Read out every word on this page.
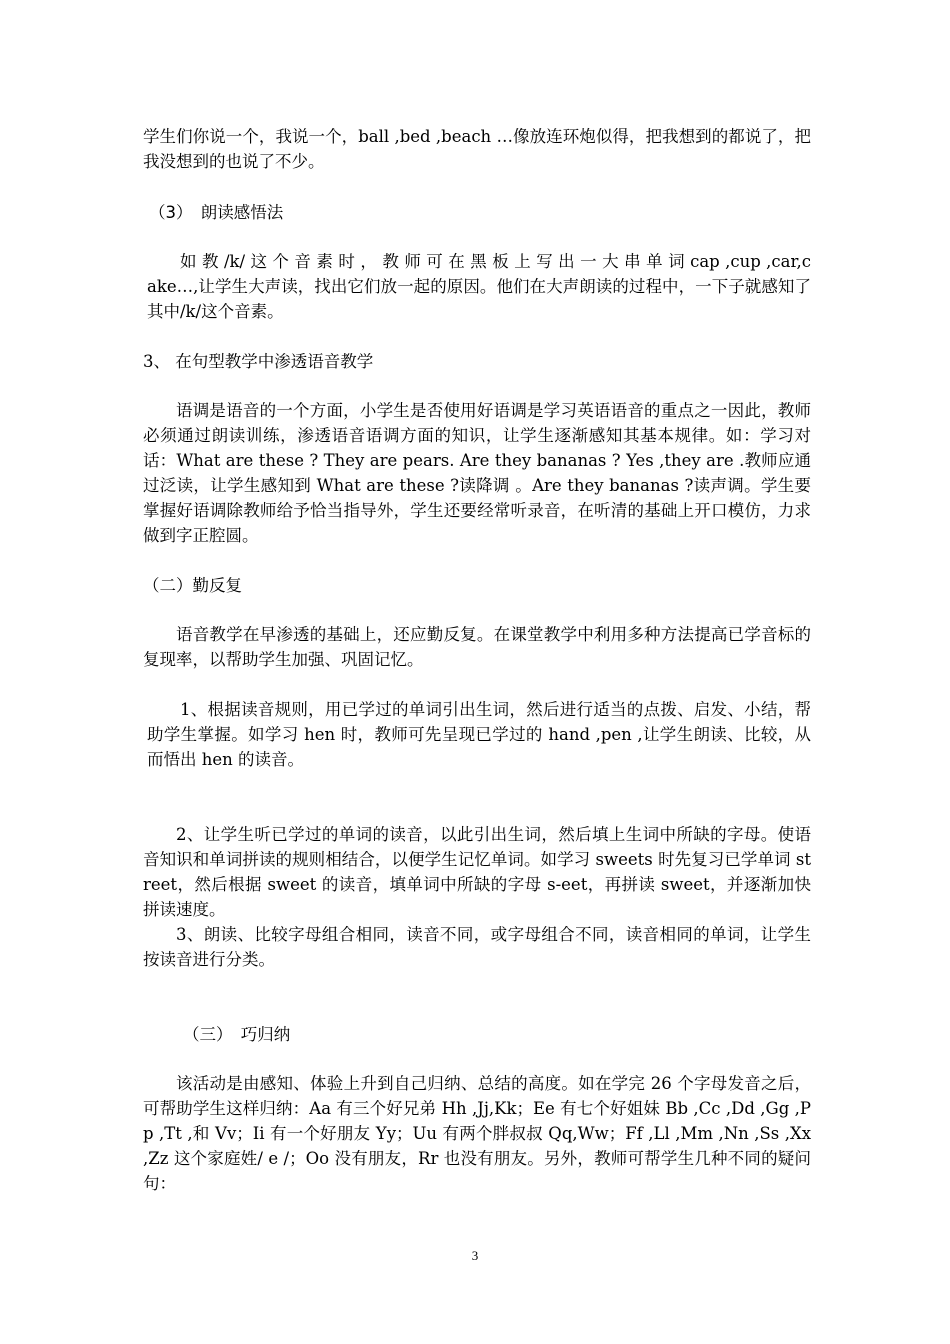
学生们你说一个，我说一个，ball ,bed ,beach …像放连环炮似得，把我想到的都说了，把我没想到的也说了不少。

（3）　朗读感悟法

如 教 /k/ 这 个 音 素 时 ， 教 师 可 在 黑 板 上 写 出 一 大 串 单 词 cap ,cup ,car,cake…,让学生大声读，找出它们放一起的原因。他们在大声朗读的过程中，一下子就感知了其中/k/这个音素。

3、 在句型教学中渗透语音教学

语调是语音的一个方面，小学生是否使用好语调是学习英语语音的重点之一因此，教师必须通过朗读训练，渗透语音语调方面的知识，让学生逐渐感知其基本规律。如：学习对话：What are these ? They are pears. Are they bananas ? Yes ,they are .教师应通过泛读，让学生感知到 What are these ?读降调 。Are they bananas ?读声调。学生要掌握好语调除教师给予恰当指导外，学生还要经常听录音，在听清的基础上开口模仿，力求做到字正腔圆。

（二）勤反复

语音教学在早渗透的基础上，还应勤反复。在课堂教学中利用多种方法提高已学音标的复现率，以帮助学生加强、巩固记忆。

1、根据读音规则，用已学过的单词引出生词，然后进行适当的点拨、启发、小结，帮助学生掌握。如学习 hen 时，教师可先呈现已学过的 hand ,pen ,让学生朗读、比较，从而悟出 hen 的读音。

2、让学生听已学过的单词的读音，以此引出生词，然后填上生词中所缺的字母。使语音知识和单词拼读的规则相结合，以便学生记忆单词。如学习 sweets 时先复习已学单词 street，然后根据 sweet 的读音，填单词中所缺的字母 s-eet，再拼读 sweet，并逐渐加快拼读速度。

3、朗读、比较字母组合相同，读音不同，或字母组合不同，读音相同的单词，让学生按读音进行分类。

（三）　巧归纳

该活动是由感知、体验上升到自己归纳、总结的高度。如在学完 26 个字母发音之后，可帮助学生这样归纳：Aa 有三个好兄弟 Hh ,Jj,Kk；Ee 有七个好姐妹 Bb ,Cc ,Dd ,Gg ,Pp ,Tt ,和 Vv；Ii 有一个好朋友 Yy；Uu 有两个胖叔叔 Qq,Ww；Ff ,Ll ,Mm ,Nn ,Ss ,Xx ,Zz 这个家庭姓/ e /；Oo 没有朋友，Rr 也没有朋友。另外，教师可帮学生几种不同的疑问句：

3
